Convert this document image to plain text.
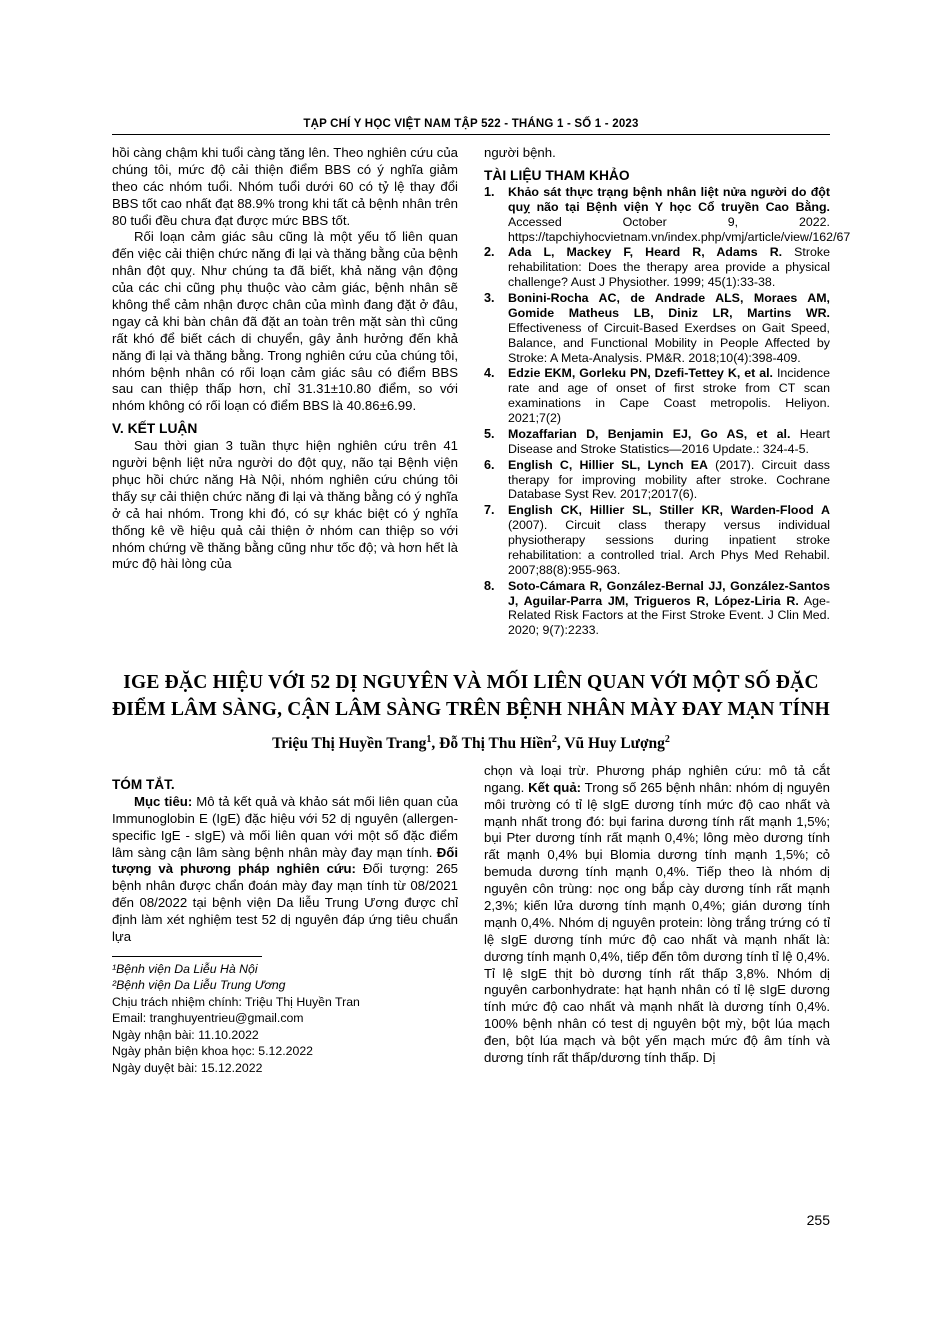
TẠP CHÍ Y HỌC VIỆT NAM TẬP 522 - THÁNG 1 - SỐ 1 - 2023

hồi càng chậm khi tuổi càng tăng lên. Theo nghiên cứu của chúng tôi, mức độ cải thiện điểm BBS có ý nghĩa giảm theo các nhóm tuổi. Nhóm tuổi dưới 60 có tỷ lệ thay đổi BBS tốt cao nhất đạt 88.9% trong khi tất cả bệnh nhân trên 80 tuổi đều chưa đạt được mức BBS tốt.

Rối loạn cảm giác sâu cũng là một yếu tố liên quan đến việc cải thiện chức năng đi lại và thăng bằng của bệnh nhân đột quỵ. Như chúng ta đã biết, khả năng vận động của các chi cũng phụ thuộc vào cảm giác, bệnh nhân sẽ không thể cảm nhận được chân của mình đang đặt ở đâu, ngay cả khi bàn chân đã đặt an toàn trên mặt sàn thì cũng rất khó để biết cách di chuyển, gây ảnh hưởng đến khả năng đi lại và thăng bằng. Trong nghiên cứu của chúng tôi, nhóm bệnh nhân có rối loạn cảm giác sâu có điểm BBS sau can thiệp thấp hơn, chỉ 31.31±10.80 điểm, so với nhóm không có rối loạn có điểm BBS là 40.86±6.99.

V. KẾT LUẬN

Sau thời gian 3 tuần thực hiện nghiên cứu trên 41 người bệnh liệt nửa người do đột quỵ, não tại Bệnh viện phục hồi chức năng Hà Nội, nhóm nghiên cứu chúng tôi thấy sự cải thiện chức năng đi lại và thăng bằng có ý nghĩa ở cả hai nhóm. Trong khi đó, có sự khác biệt có ý nghĩa thống kê về hiệu quả cải thiện ở nhóm can thiệp so với nhóm chứng về thăng bằng cũng như tốc độ; và hơn hết là mức độ hài lòng của

người bệnh.

TÀI LIỆU THAM KHẢO
1. Khảo sát thực trạng bệnh nhân liệt nửa người do đột quỵ não tại Bệnh viện Y học Cổ truyền Cao Bằng. Accessed October 9, 2022. https://tapchiyhocvietnam.vn/index.php/vmj/article/view/162/67
2. Ada L, Mackey F, Heard R, Adams R. Stroke rehabilitation: Does the therapy area provide a physical challenge? Aust J Physiother. 1999; 45(1):33-38.
3. Bonini-Rocha AC, de Andrade ALS, Moraes AM, Gomide Matheus LB, Diniz LR, Martins WR. Effectiveness of Circuit-Based Exerdses on Gait Speed, Balance, and Functional Mobility in People Affected by Stroke: A Meta-Analysis. PM&R. 2018;10(4):398-409.
4. Edzie EKM, Gorleku PN, Dzefi-Tettey K, et al. Incidence rate and age of onset of first stroke from CT scan examinations in Cape Coast metropolis. Heliyon. 2021;7(2)
5. Mozaffarian D, Benjamin EJ, Go AS, et al. Heart Disease and Stroke Statistics—2016 Update.: 324-4-5.
6. English C, Hillier SL, Lynch EA (2017). Circuit dass therapy for improving mobility after stroke. Cochrane Database Syst Rev. 2017;2017(6).
7. English CK, Hillier SL, Stiller KR, Warden-Flood A (2007). Circuit class therapy versus individual physiotherapy sessions during inpatient stroke rehabilitation: a controlled trial. Arch Phys Med Rehabil. 2007;88(8):955-963.
8. Soto-Cámara R, González-Bernal JJ, González-Santos J, Aguilar-Parra JM, Trigueros R, López-Liria R. Age-Related Risk Factors at the First Stroke Event. J Clin Med. 2020; 9(7):2233.
IGE ĐẶC HIỆU VỚI 52 DỊ NGUYÊN VÀ MỐI LIÊN QUAN VỚI MỘT SỐ ĐẶC ĐIỂM LÂM SÀNG, CẬN LÂM SÀNG TRÊN BỆNH NHÂN MÀY ĐAY MẠN TÍNH
Triệu Thị Huyền Trang$^1$, Đỗ Thị Thu Hiền$^2$, Vũ Huy Lượng$^2$
TÓM TẮT.

Mục tiêu: Mô tả kết quả và khảo sát mối liên quan của Immunoglobin E (IgE) đặc hiệu với 52 dị nguyên (allergen-specific IgE - sIgE) và mối liên quan với một số đặc điểm lâm sàng cận lâm sàng bệnh nhân mày đay mạn tính. Đối tượng và phương pháp nghiên cứu: Đối tượng: 265 bệnh nhân được chẩn đoán mày đay mạn tính từ 08/2021 đến 08/2022 tại bệnh viện Da liễu Trung Ương được chỉ định làm xét nghiệm test 52 dị nguyên đáp ứng tiêu chuẩn lựa

¹Bệnh viện Da Liễu Hà Nội
²Bệnh viện Da Liễu Trung Ương
Chịu trách nhiệm chính: Triệu Thị Huyền Tran
Email: tranghuyentrieu@gmail.com
Ngày nhận bài: 11.10.2022
Ngày phản biện khoa học: 5.12.2022
Ngày duyệt bài: 15.12.2022

chọn và loại trừ. Phương pháp nghiên cứu: mô tả cắt ngang. Kết quả: Trong số 265 bệnh nhân: nhóm dị nguyên môi trường có tỉ lệ sIgE dương tính mức độ cao nhất và mạnh nhất trong đó: bụi farina dương tính rất mạnh 1,5%; bụi Pter dương tính rất mạnh 0,4%; lông mèo dương tính rất mạnh 0,4% bụi Blomia dương tính mạnh 1,5%; cỏ bemuda dương tính mạnh 0,4%. Tiếp theo là nhóm dị nguyên côn trùng: nọc ong bắp cày dương tính rất mạnh 2,3%; kiến lửa dương tính mạnh 0,4%; gián dương tính mạnh 0,4%. Nhóm dị nguyên protein: lòng trắng trứng có tỉ lệ sIgE dương tính mức độ cao nhất và mạnh nhất là: dương tính mạnh 0,4%, tiếp đến tôm dương tính tỉ lệ 0,4%. Tỉ lệ sIgE thịt bò dương tính rất thấp 3,8%. Nhóm dị nguyên carbonhydrate: hạt hạnh nhân có tỉ lệ sIgE dương tính mức độ cao nhất và mạnh nhất là dương tính 0,4%. 100% bệnh nhân có test dị nguyên bột mỳ, bột lúa mạch đen, bột lúa mạch và bột yến mạch mức độ âm tính và dương tính rất thấp/dương tính thấp. Dị

255
